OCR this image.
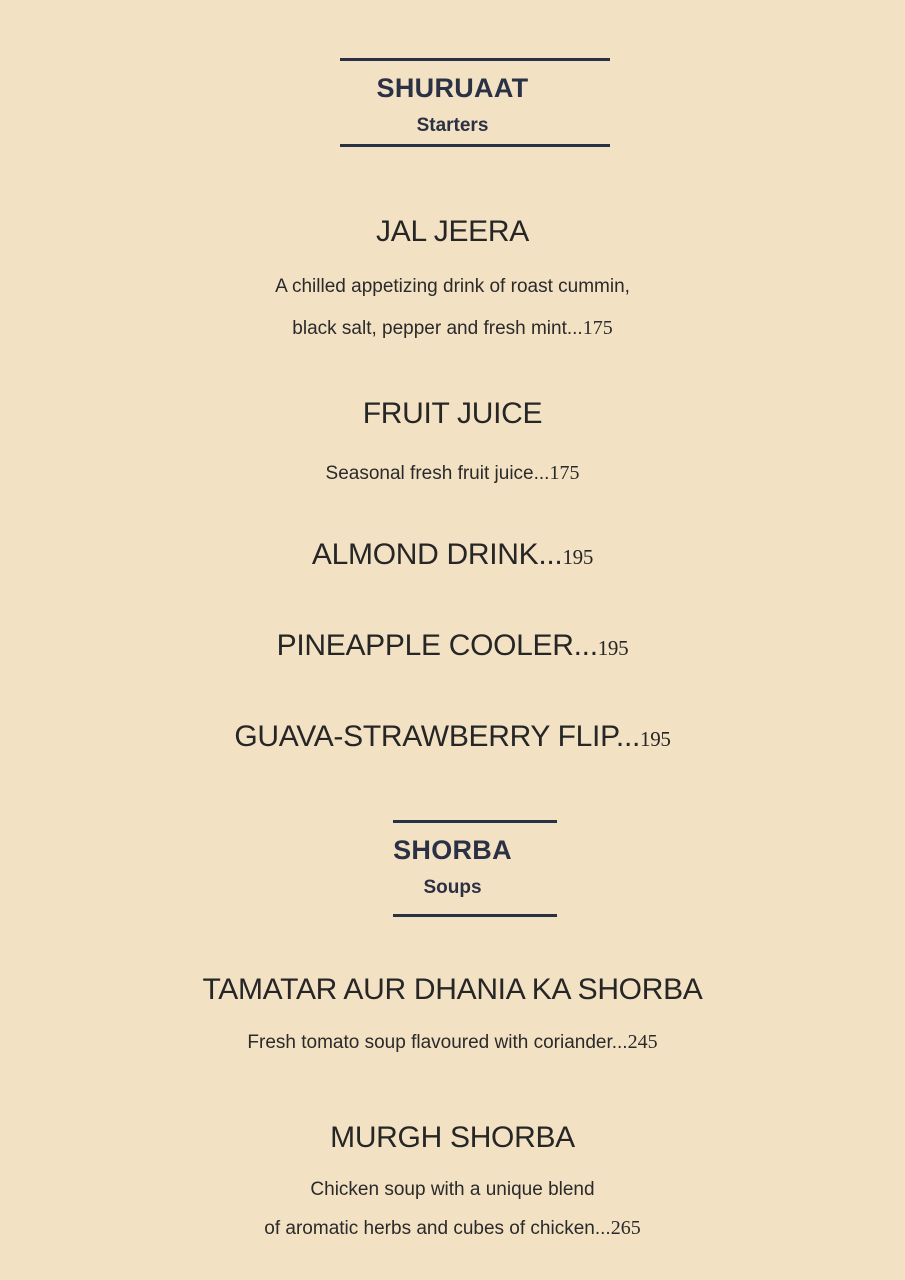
SHURUAAT
Starters
JAL JEERA
A chilled appetizing drink of roast cummin,
black salt, pepper and fresh mint...175
FRUIT JUICE
Seasonal fresh fruit juice...175
ALMOND DRINK...195
PINEAPPLE COOLER...195
GUAVA-STRAWBERRY FLIP...195
SHORBA
Soups
TAMATAR AUR DHANIA KA SHORBA
Fresh tomato soup flavoured with coriander...245
MURGH SHORBA
Chicken soup with a unique blend
of aromatic herbs and cubes of chicken...265
